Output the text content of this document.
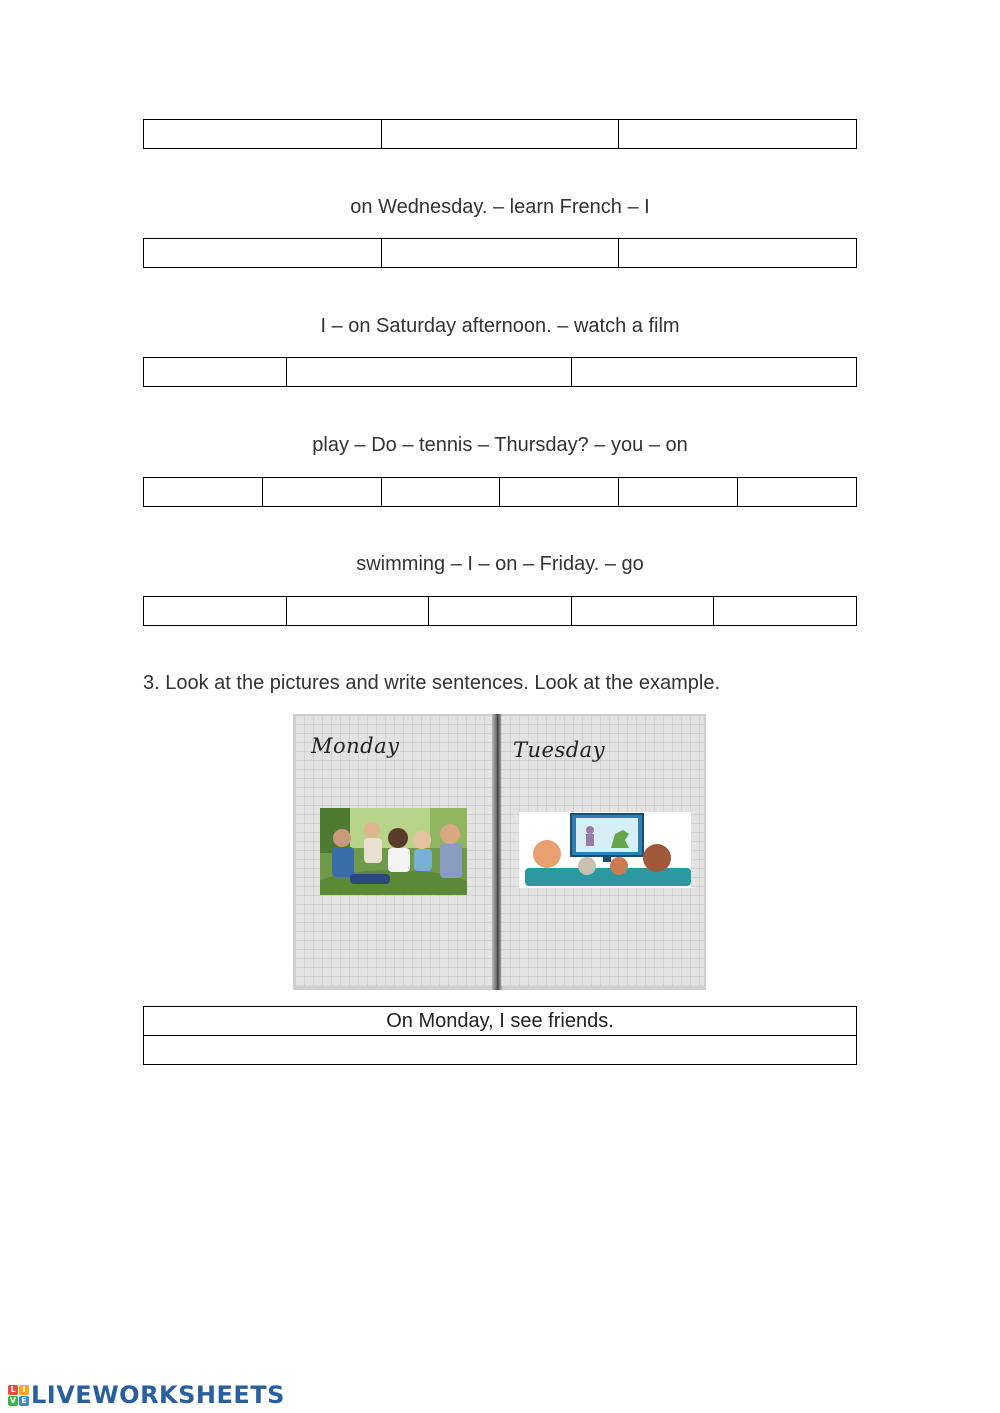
on Wednesday. – learn French – I
I – on Saturday afternoon. – watch a film
play – Do – tennis – Thursday? – you – on
swimming – I – on – Friday. – go
3. Look at the pictures and write sentences. Look at the example.
Monday	Tuesday
On Monday, I see friends.

L I
V E LIVEWORKSHEETS
